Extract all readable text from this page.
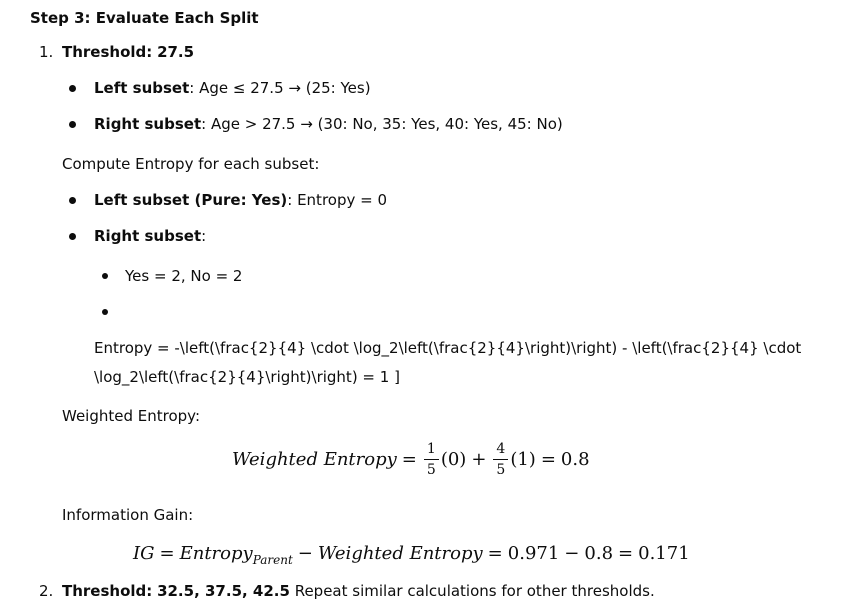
Step 3: Evaluate Each Split
1. Threshold: 27.5
Left subset: Age ≤ 27.5 → (25: Yes)
Right subset: Age > 27.5 → (30: No, 35: Yes, 40: Yes, 45: No)
Compute Entropy for each subset:
Left subset (Pure: Yes): Entropy = 0
Right subset:
Yes = 2, No = 2
Entropy = -\left(\frac{2}{4} \cdot \log_2\left(\frac{2}{4}\right)\right) - \left(\frac{2}{4} \cdot
\log_2\left(\frac{2}{4}\right)\right) = 1 ]
Weighted Entropy:
Weighted Entropy = $\frac{1}{5} (0) + \frac{4}{5} (1) = 0.8$
Information Gain:
IG = Entropy Parent − Weighted Entropy = 0.971 − 0.8 = 0.171
2. Threshold: 32.5, 37.5, 42.5 Repeat similar calculations for other thresholds.
